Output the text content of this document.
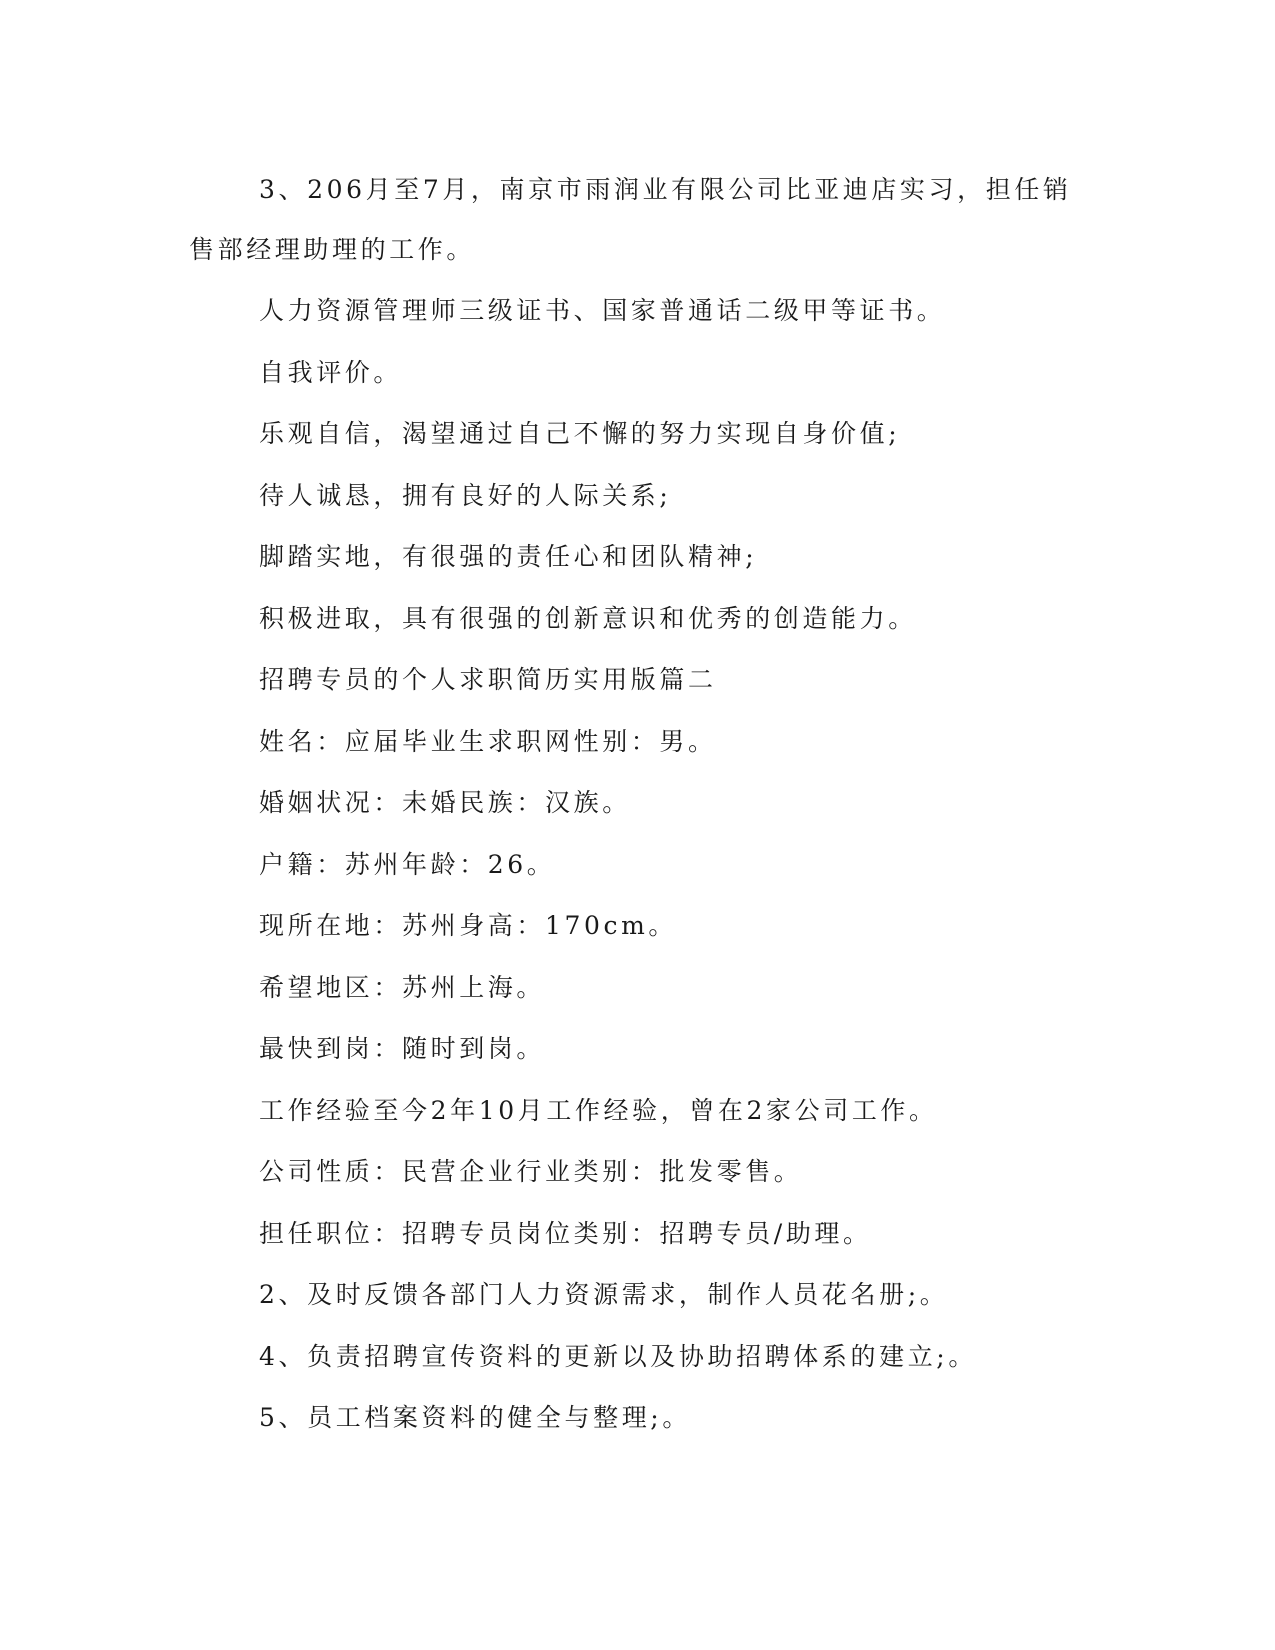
3、206月至7月，南京市雨润业有限公司比亚迪店实习，担任销售部经理助理的工作。

人力资源管理师三级证书、国家普通话二级甲等证书。

自我评价。

乐观自信，渴望通过自己不懈的努力实现自身价值;

待人诚恳，拥有良好的人际关系;

脚踏实地，有很强的责任心和团队精神;

积极进取，具有很强的创新意识和优秀的创造能力。

招聘专员的个人求职简历实用版篇二

姓名：应届毕业生求职网性别：男。

婚姻状况：未婚民族：汉族。

户籍：苏州年龄：26。

现所在地：苏州身高：170cm。

希望地区：苏州上海。

最快到岗：随时到岗。

工作经验至今2年10月工作经验，曾在2家公司工作。

公司性质：民营企业行业类别：批发零售。

担任职位：招聘专员岗位类别：招聘专员/助理。

2、及时反馈各部门人力资源需求，制作人员花名册;。

4、负责招聘宣传资料的更新以及协助招聘体系的建立;。

5、员工档案资料的健全与整理;。
